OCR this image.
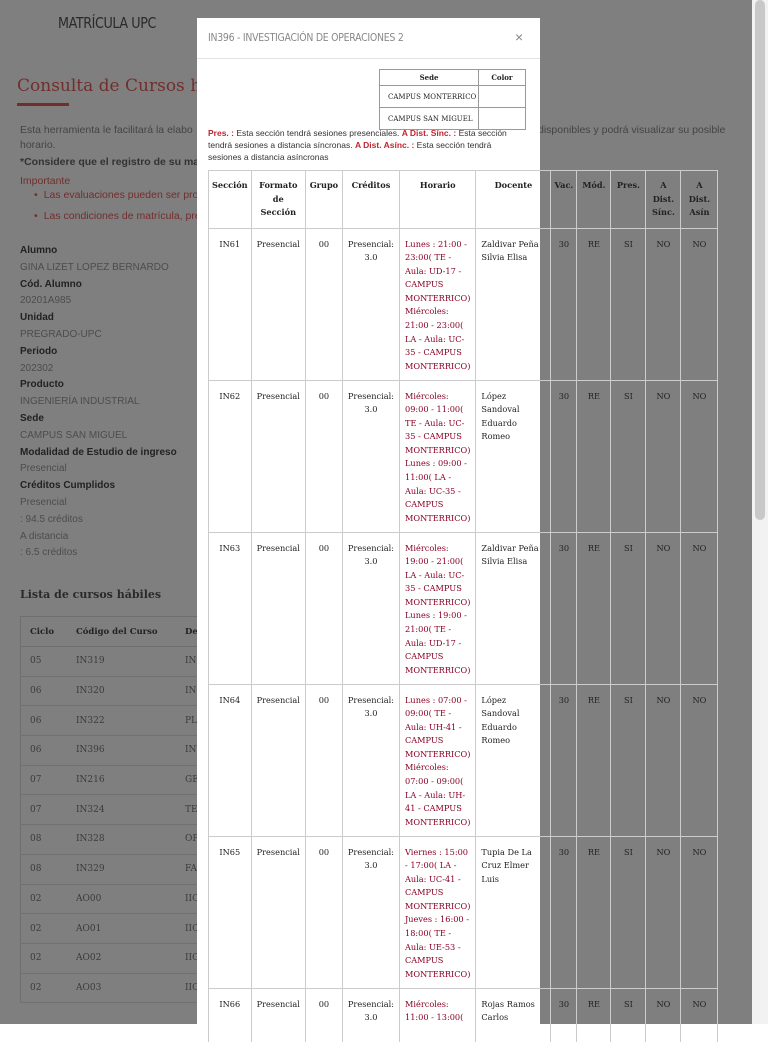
•
•

IN396 - INVESTIGACIÓN DE OPERACIONES 2	×
Sede	Color
CAMPUS MONTERRICO	
CAMPUS SAN MIGUEL	
Pres. : Esta sección tendrá sesiones presenciales. A Dist. Sínc. : Esta sección tendrá sesiones a distancia síncronas. A Dist. Asínc. : Esta sección tendrá sesiones a distancia asíncronas
Sección	Formato de Sección	Grupo	Créditos	Horario	Docente	Vac.	Mód.	Pres.	A Dist. Sínc.	A Dist. Asín
IN61	Presencial	00	Presencial: 3.0	Lunes : 21:00 - 23:00( TE - Aula: UD-17 - CAMPUS MONTERRICO) Miércoles: 21:00 - 23:00( LA - Aula: UC-35 - CAMPUS MONTERRICO)	Zaldivar Peña Silvia Elisa	30	RE	SI	NO	NO
IN62	Presencial	00	Presencial: 3.0	Miércoles: 09:00 - 11:00( TE - Aula: UC-35 - CAMPUS MONTERRICO) Lunes : 09:00 - 11:00( LA - Aula: UC-35 - CAMPUS MONTERRICO)	López Sandoval Eduardo Romeo	30	RE	SI	NO	NO
IN63	Presencial	00	Presencial: 3.0	Miércoles: 19:00 - 21:00( LA - Aula: UC-35 - CAMPUS MONTERRICO) Lunes : 19:00 - 21:00( TE - Aula: UD-17 - CAMPUS MONTERRICO)	Zaldivar Peña Silvia Elisa	30	RE	SI	NO	NO
IN64	Presencial	00	Presencial: 3.0	Lunes : 07:00 - 09:00( TE - Aula: UH-41 - CAMPUS MONTERRICO) Miércoles: 07:00 - 09:00( LA - Aula: UH-41 - CAMPUS MONTERRICO)	López Sandoval Eduardo Romeo	30	RE	SI	NO	NO
IN65	Presencial	00	Presencial: 3.0	Viernes : 15:00 - 17:00( LA - Aula: UC-41 - CAMPUS MONTERRICO) Jueves : 16:00 - 18:00( TE - Aula: UE-53 - CAMPUS MONTERRICO)	Tupia De La Cruz Elmer Luis	30	RE	SI	NO	NO
IN66	Presencial	00	Presencial: 3.0	Miércoles: 11:00 - 13:00(	Rojas Ramos Carlos	30	RE	SI	NO	NO
